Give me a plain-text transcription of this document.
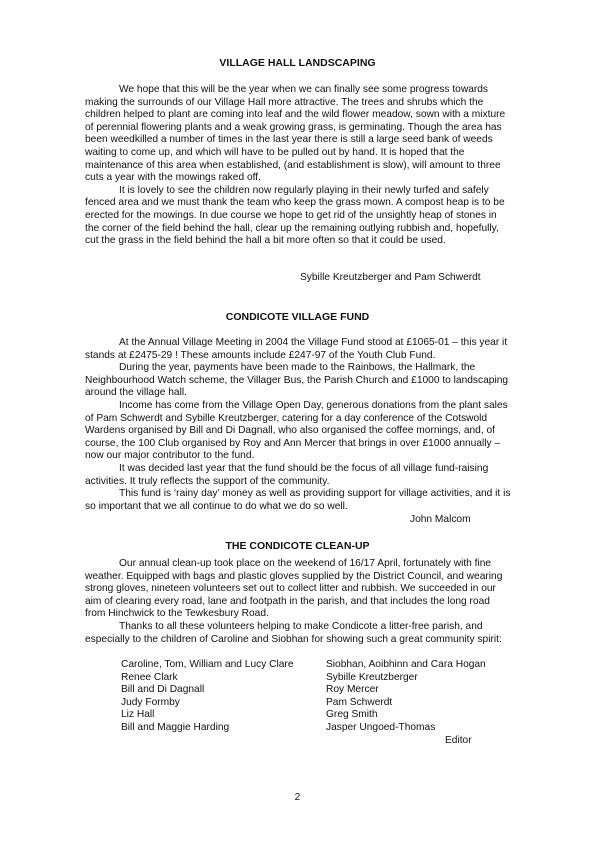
VILLAGE HALL LANDSCAPING

We hope that this will be the year when we can finally see some progress towards making the surrounds of our Village Hall more attractive. The trees and shrubs which the children helped to plant are coming into leaf and the wild flower meadow, sown with a mixture of perennial flowering plants and a weak growing grass, is germinating. Though the area has been weedkilled a number of times in the last year there is still a large seed bank of weeds waiting to come up, and which will have to be pulled out by hand. It is hoped that the maintenance of this area when established, (and establishment is slow), will amount to three cuts a year with the mowings raked off.

It is lovely to see the children now regularly playing in their newly turfed and safely fenced area and we must thank the team who keep the grass mown. A compost heap is to be erected for the mowings. In due course we hope to get rid of the unsightly heap of stones in the corner of the field behind the hall, clear up the remaining outlying rubbish and, hopefully, cut the grass in the field behind the hall a bit more often so that it could be used.

Sybille Kreutzberger and Pam Schwerdt
CONDICOTE VILLAGE FUND

At the Annual Village Meeting in 2004 the Village Fund stood at £1065-01 – this year it stands at £2475-29 ! These amounts include £247-97 of the Youth Club Fund.

During the year, payments have been made to the Rainbows, the Hallmark, the Neighbourhood Watch scheme, the Villager Bus, the Parish Church and £1000 to landscaping around the village hall.

Income has come from the Village Open Day, generous donations from the plant sales of Pam Schwerdt and Sybille Kreutzberger, catering for a day conference of the Cotswold Wardens organised by Bill and Di Dagnall, who also organised the coffee mornings, and, of course, the 100 Club organised by Roy and Ann Mercer that brings in over £1000 annually – now our major contributor to the fund.

It was decided last year that the fund should be the focus of all village fund-raising activities. It truly reflects the support of the community.

This fund is ‘rainy day’ money as well as providing support for village activities, and it is so important that we all continue to do what we do so well.

John Malcom
THE CONDICOTE CLEAN-UP

Our annual clean-up took place on the weekend of 16/17 April, fortunately with fine weather. Equipped with bags and plastic gloves supplied by the District Council, and wearing strong gloves, nineteen volunteers set out to collect litter and rubbish. We succeeded in our aim of clearing every road, lane and footpath in the parish, and that includes the long road from Hinchwick to the Tewkesbury Road.

Thanks to all these volunteers helping to make Condicote a litter-free parish, and especially to the children of Caroline and Siobhan for showing such a great community spirit:

Caroline, Tom, William and Lucy Clare
Renee Clark
Bill and Di Dagnall
Judy Formby
Liz Hall
Bill and Maggie Harding
Siobhan, Aoibhinn and Cara Hogan
Sybille Kreutzberger
Roy Mercer
Pam Schwerdt
Greg Smith
Jasper Ungoed-Thomas
Editor
2
